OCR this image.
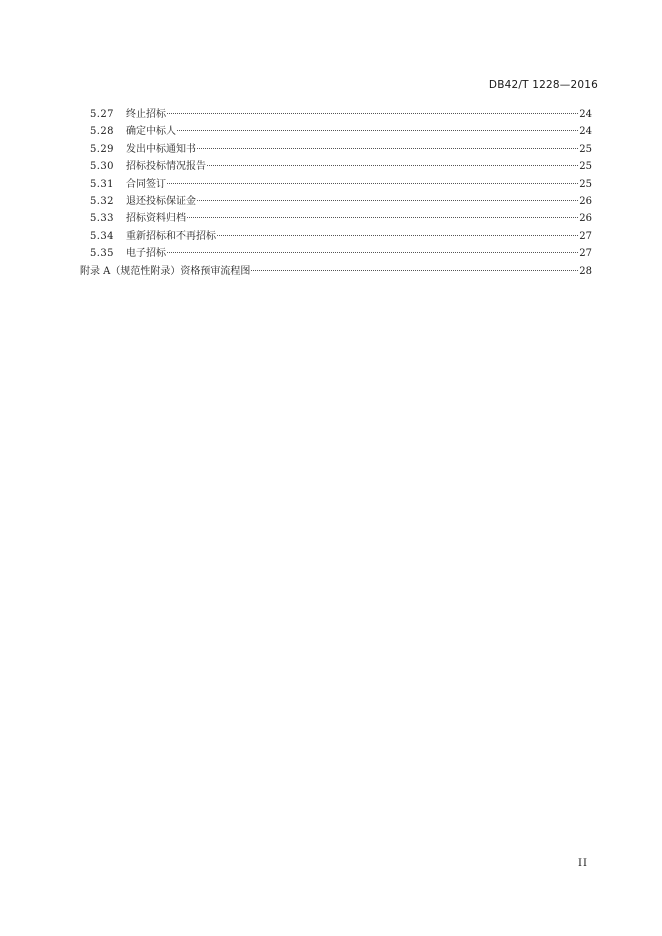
DB42/T 1228—2016
5.27	终止招标	24
5.28	确定中标人	24
5.29	发出中标通知书	25
5.30	招标投标情况报告	25
5.31	合同签订	25
5.32	退还投标保证金	26
5.33	招标资料归档	26
5.34	重新招标和不再招标	27
5.35	电子招标	27
附录 A（规范性附录）资格预审流程图	28
II
